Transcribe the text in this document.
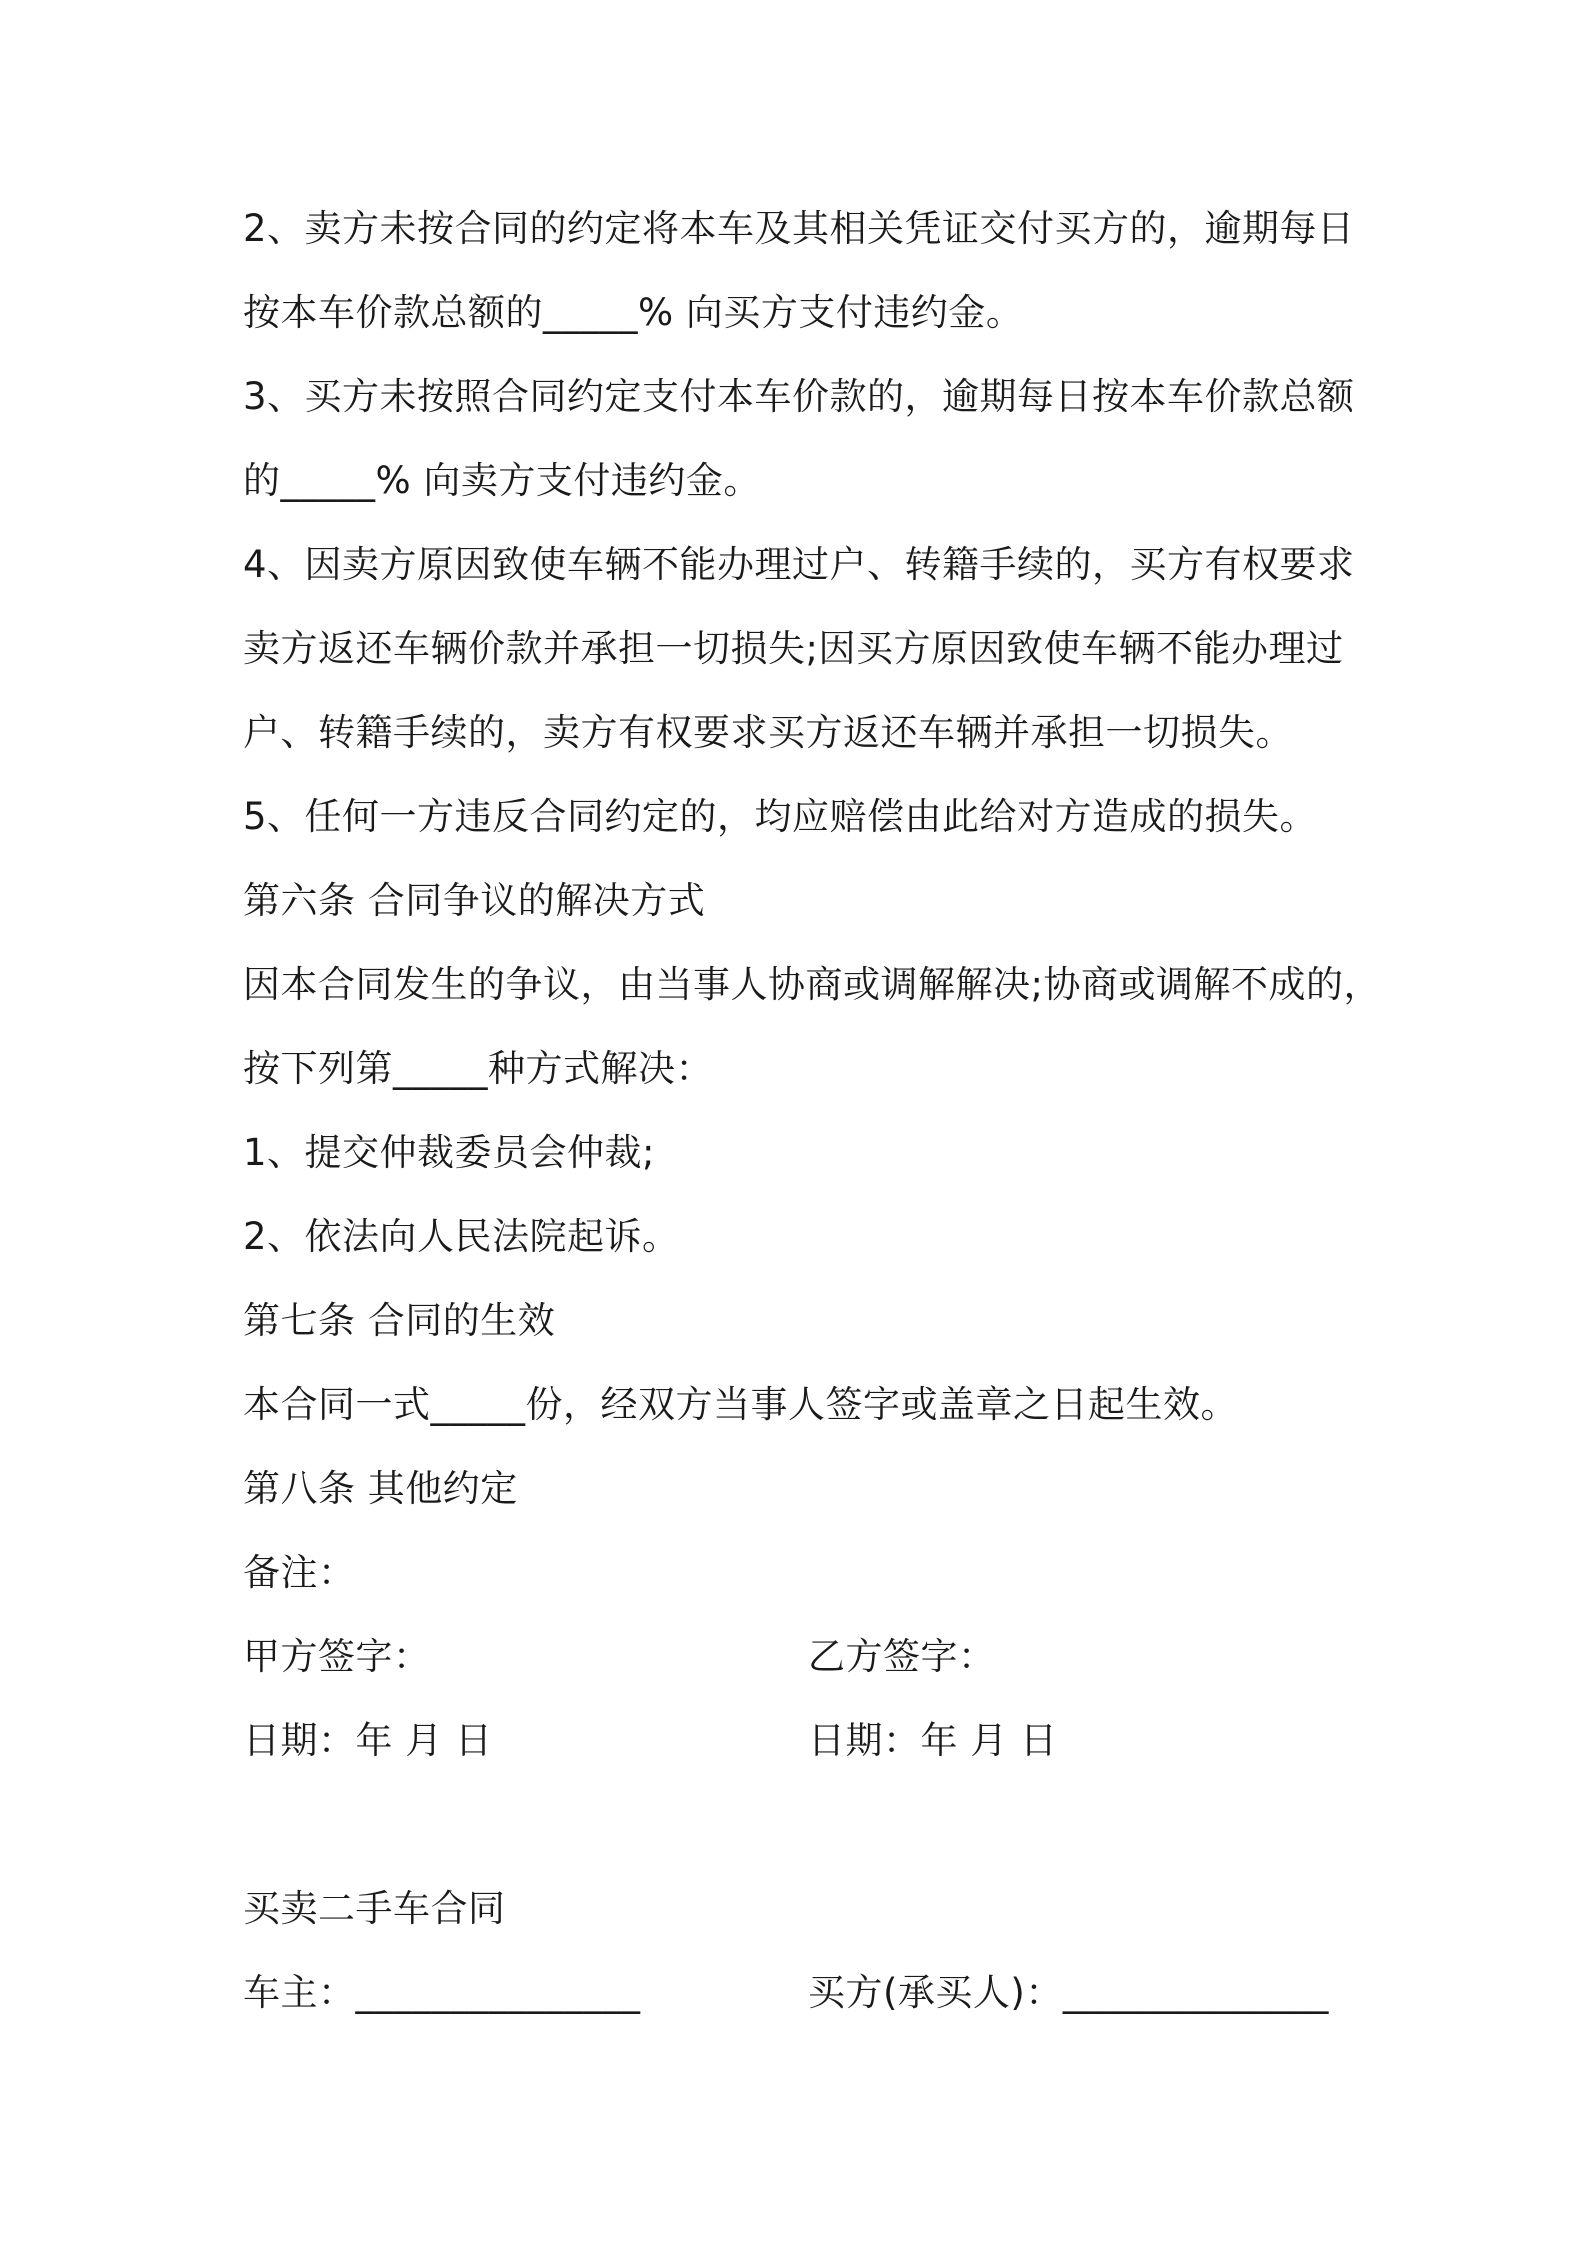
2、卖方未按合同的约定将本车及其相关凭证交付买方的，逾期每日
按本车价款总额的_____% 向买方支付违约金。
3、买方未按照合同约定支付本车价款的，逾期每日按本车价款总额
的_____% 向卖方支付违约金。
4、因卖方原因致使车辆不能办理过户、转籍手续的，买方有权要求
卖方返还车辆价款并承担一切损失;因买方原因致使车辆不能办理过
户、转籍手续的，卖方有权要求买方返还车辆并承担一切损失。
5、任何一方违反合同约定的，均应赔偿由此给对方造成的损失。
第六条 合同争议的解决方式
因本合同发生的争议，由当事人协商或调解解决;协商或调解不成的，
按下列第_____种方式解决：
1、提交仲裁委员会仲裁;
2、依法向人民法院起诉。
第七条 合同的生效
本合同一式_____份，经双方当事人签字或盖章之日起生效。
第八条 其他约定
备注：
甲方签字：	乙方签字：
日期：年 月 日	日期：年 月 日
买卖二手车合同
车主：_______________	买方(承买人)：______________
